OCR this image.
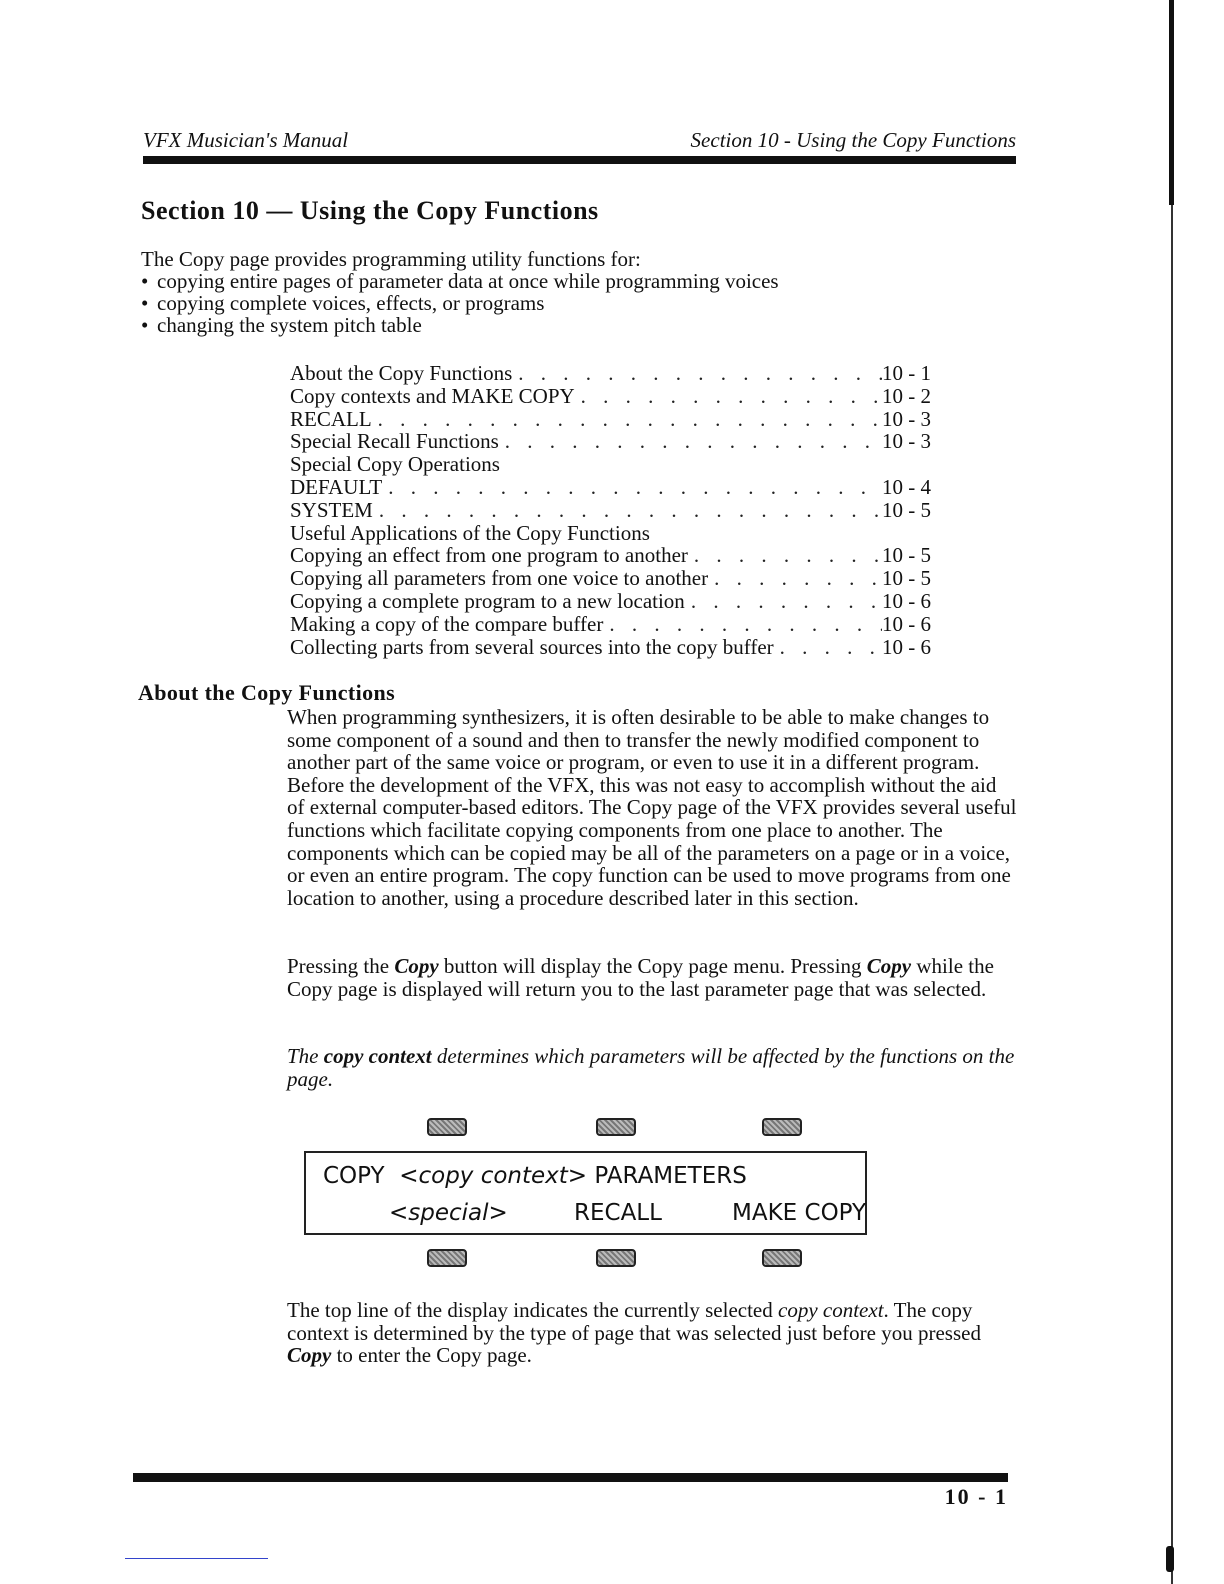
VFX Musician's Manual	Section 10 - Using the Copy Functions
Section 10 — Using the Copy Functions

The Copy page provides programming utility functions for:

• copying entire pages of parameter data at once while programming voices
• copying complete voices, effects, or programs
• changing the system pitch table
About the Copy Functions . . .	10 - 1
Copy contexts and MAKE COPY . . .	10 - 2
RECALL . . .	10 - 3
Special Recall Functions . . .	10 - 3
Special Copy Operations
DEFAULT . . .	10 - 4
SYSTEM . . .	10 - 5
Useful Applications of the Copy Functions
Copying an effect from one program to another . . .	10 - 5
Copying all parameters from one voice to another . . .	10 - 5
Copying a complete program to a new location . . .	10 - 6
Making a copy of the compare buffer . . .	10 - 6
Collecting parts from several sources into the copy buffer . . .	10 - 6
About the Copy Functions

When programming synthesizers, it is often desirable to be able to make changes to some component of a sound and then to transfer the newly modified component to another part of the same voice or program, or even to use it in a different program. Before the development of the VFX, this was not easy to accomplish without the aid of external computer-based editors. The Copy page of the VFX provides several useful functions which facilitate copying components from one place to another. The components which can be copied may be all of the parameters on a page or in a voice, or even an entire program. The copy function can be used to move programs from one location to another, using a procedure described later in this section.

Pressing the Copy button will display the Copy page menu. Pressing Copy while the Copy page is displayed will return you to the last parameter page that was selected.

The copy context determines which parameters will be affected by the functions on the page.

COPY <copy context> PARAMETERS
<special>	RECALL	MAKE COPY

The top line of the display indicates the currently selected copy context. The copy context is determined by the type of page that was selected just before you pressed Copy to enter the Copy page.

10 - 1
